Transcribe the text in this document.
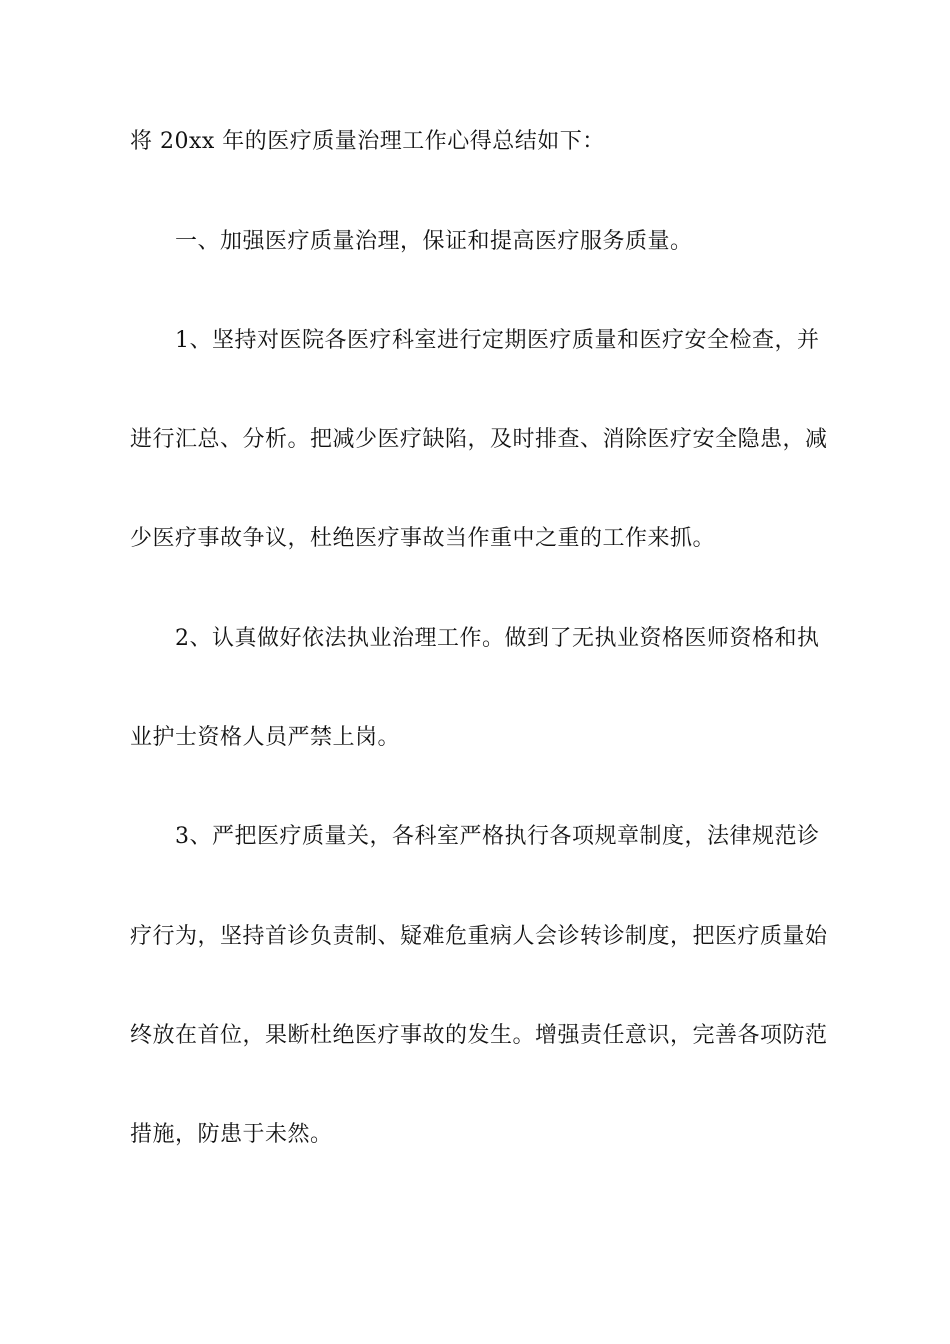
将 20xx 年的医疗质量治理工作心得总结如下：
一、加强医疗质量治理，保证和提高医疗服务质量。
1、坚持对医院各医疗科室进行定期医疗质量和医疗安全检查，并
进行汇总、分析。把减少医疗缺陷，及时排查、消除医疗安全隐患，减
少医疗事故争议，杜绝医疗事故当作重中之重的工作来抓。
2、认真做好依法执业治理工作。做到了无执业资格医师资格和执
业护士资格人员严禁上岗。
3、严把医疗质量关，各科室严格执行各项规章制度，法律规范诊
疗行为，坚持首诊负责制、疑难危重病人会诊转诊制度，把医疗质量始
终放在首位，果断杜绝医疗事故的发生。增强责任意识，完善各项防范
措施，防患于未然。
